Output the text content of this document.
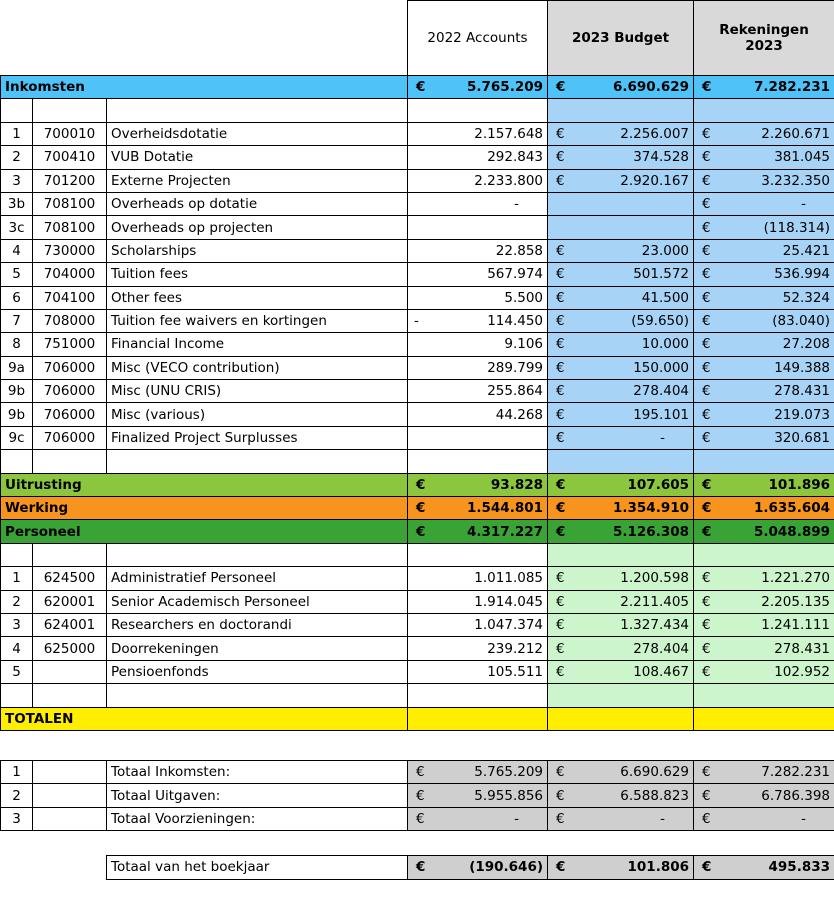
			2022 Accounts	2023 Budget	Rekeningen
2023

Inkomsten			€ 5.765.209	€ 6.690.629	€ 7.282.231

1	700010	Overheidsdotatie	2.157.648	€ 2.256.007	€ 2.260.671

2	700410	VUB Dotatie	292.843	€ 374.528	€ 381.045

3	701200	Externe Projecten	2.233.800	€ 2.920.167	€ 3.232.350

3b	708100	Overheads op dotatie	-		€ -

3c	708100	Overheads op projecten			€ (118.314)

4	730000	Scholarships	22.858	€ 23.000	€ 25.421

5	704000	Tuition fees	567.974	€ 501.572	€ 536.994

6	704100	Other fees	5.500	€ 41.500	€ 52.324

7	708000	Tuition fee waivers en kortingen	- 114.450	€ (59.650)	€ (83.040)

8	751000	Financial Income	9.106	€ 10.000	€ 27.208

9a	706000	Misc (VECO contribution)	289.799	€ 150.000	€ 149.388

9b	706000	Misc (UNU CRIS)	255.864	€ 278.404	€ 278.431

9b	706000	Misc (various)	44.268	€ 195.101	€ 219.073

9c	706000	Finalized Project Surplusses		€ -	€ 320.681

Uitrusting			€ 93.828	€ 107.605	€ 101.896

Werking			€ 1.544.801	€ 1.354.910	€ 1.635.604

Personeel			€ 4.317.227	€ 5.126.308	€ 5.048.899

1	624500	Administratief Personeel	1.011.085	€ 1.200.598	€ 1.221.270

2	620001	Senior Academisch Personeel	1.914.045	€ 2.211.405	€ 2.205.135

3	624001	Researchers en doctorandi	1.047.374	€ 1.327.434	€ 1.241.111

4	625000	Doorrekeningen	239.212	€ 278.404	€ 278.431

5		Pensioenfonds	105.511	€ 108.467	€ 102.952

TOTALEN					

1		Totaal Inkomsten:	€ 5.765.209	€ 6.690.629	€ 7.282.231

2		Totaal Uitgaven:	€ 5.955.856	€ 6.588.823	€ 6.786.398

3		Totaal Voorzieningen:	€ -	€ -	€ -

		Totaal van het boekjaar	€ (190.646)	€ 101.806	€ 495.833
